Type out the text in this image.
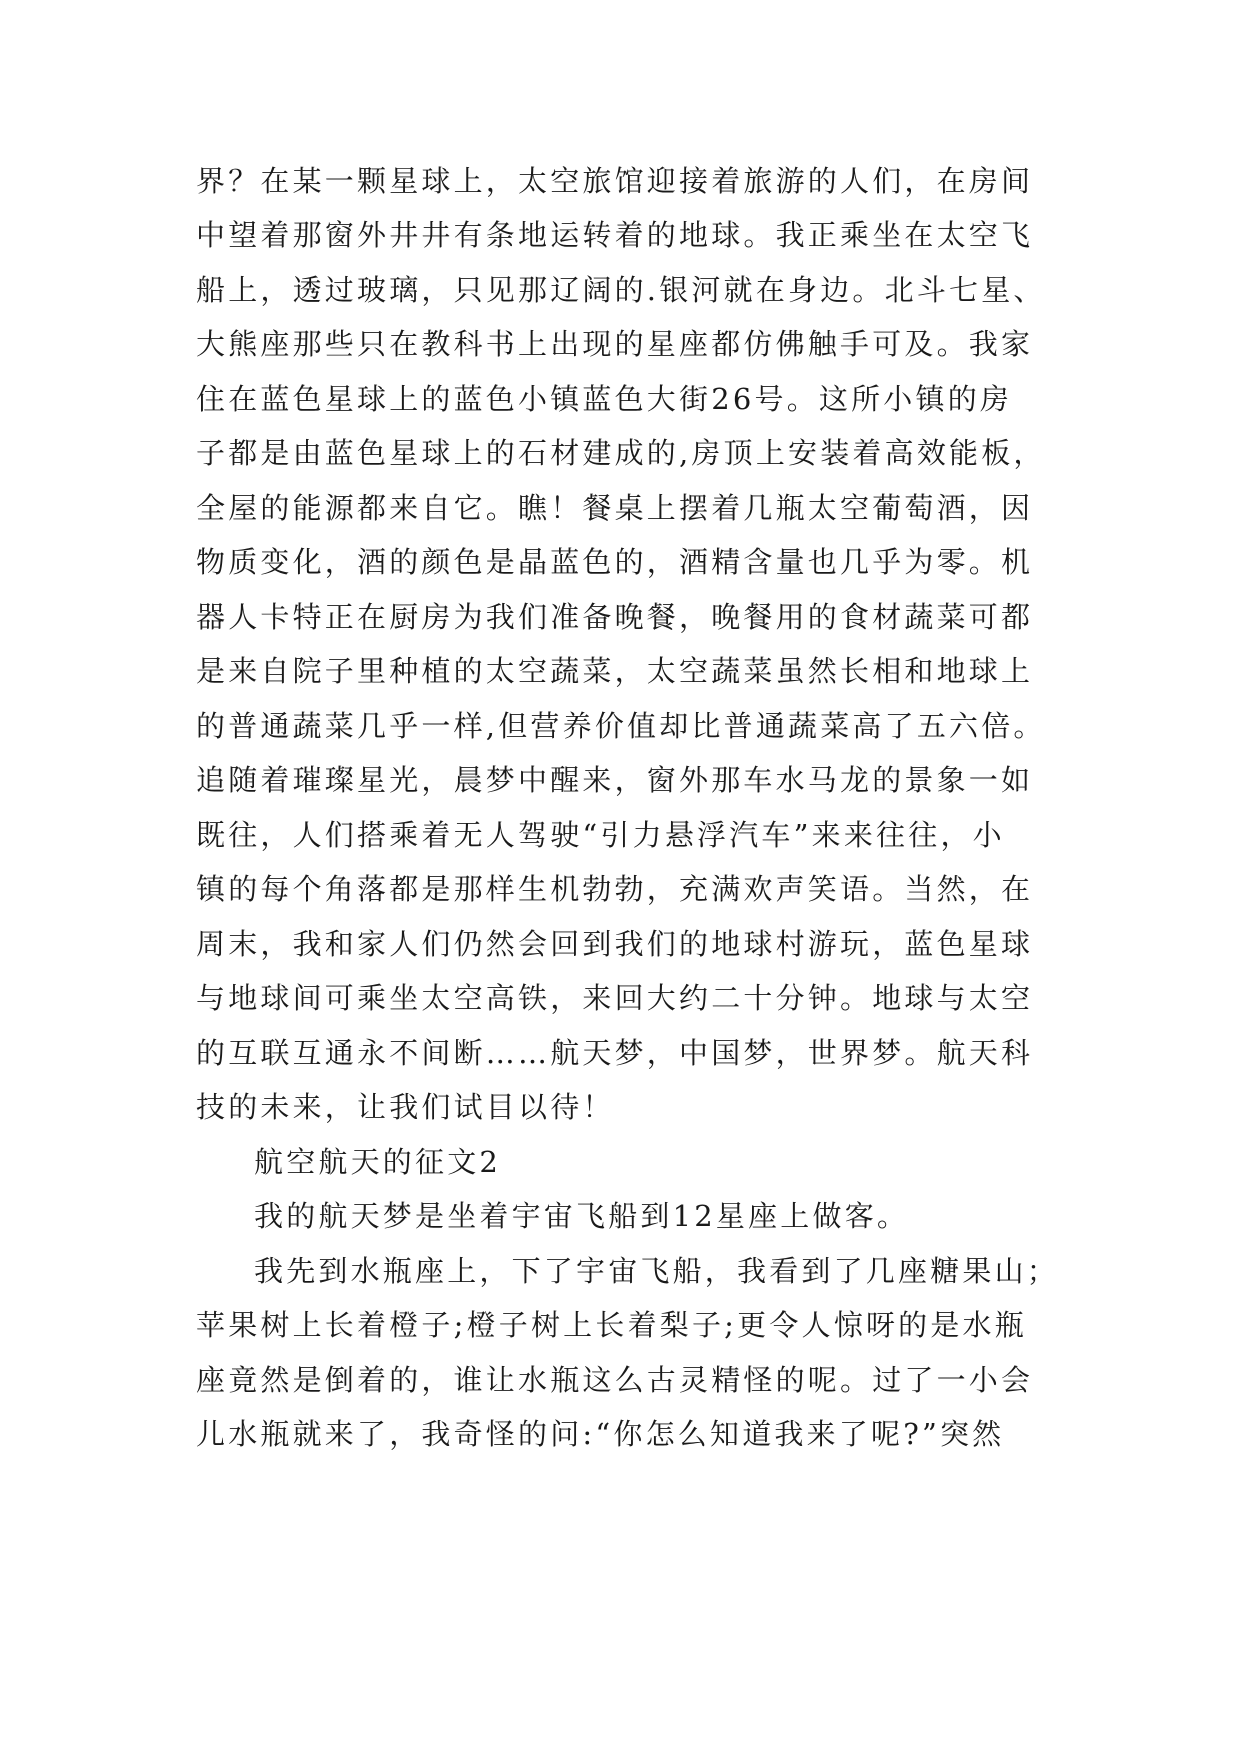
界？在某一颗星球上，太空旅馆迎接着旅游的人们，在房间
中望着那窗外井井有条地运转着的地球。我正乘坐在太空飞
船上，透过玻璃，只见那辽阔的.银河就在身边。北斗七星、
大熊座那些只在教科书上出现的星座都仿佛触手可及。我家
住在蓝色星球上的蓝色小镇蓝色大街26号。这所小镇的房
子都是由蓝色星球上的石材建成的,房顶上安装着高效能板，
全屋的能源都来自它。瞧！餐桌上摆着几瓶太空葡萄酒，因
物质变化，酒的颜色是晶蓝色的，酒精含量也几乎为零。机
器人卡特正在厨房为我们准备晚餐，晚餐用的食材蔬菜可都
是来自院子里种植的太空蔬菜，太空蔬菜虽然长相和地球上
的普通蔬菜几乎一样,但营养价值却比普通蔬菜高了五六倍。
追随着璀璨星光，晨梦中醒来，窗外那车水马龙的景象一如
既往，人们搭乘着无人驾驶“引力悬浮汽车”来来往往，小
镇的每个角落都是那样生机勃勃，充满欢声笑语。当然，在
周末，我和家人们仍然会回到我们的地球村游玩，蓝色星球
与地球间可乘坐太空高铁，来回大约二十分钟。地球与太空
的互联互通永不间断……航天梦，中国梦，世界梦。航天科
技的未来，让我们试目以待！
航空航天的征文2
我的航天梦是坐着宇宙飞船到12星座上做客。
我先到水瓶座上，下了宇宙飞船，我看到了几座糖果山；
苹果树上长着橙子;橙子树上长着梨子;更令人惊呀的是水瓶
座竟然是倒着的，谁让水瓶这么古灵精怪的呢。过了一小会
儿水瓶就来了，我奇怪的问:“你怎么知道我来了呢?”突然
